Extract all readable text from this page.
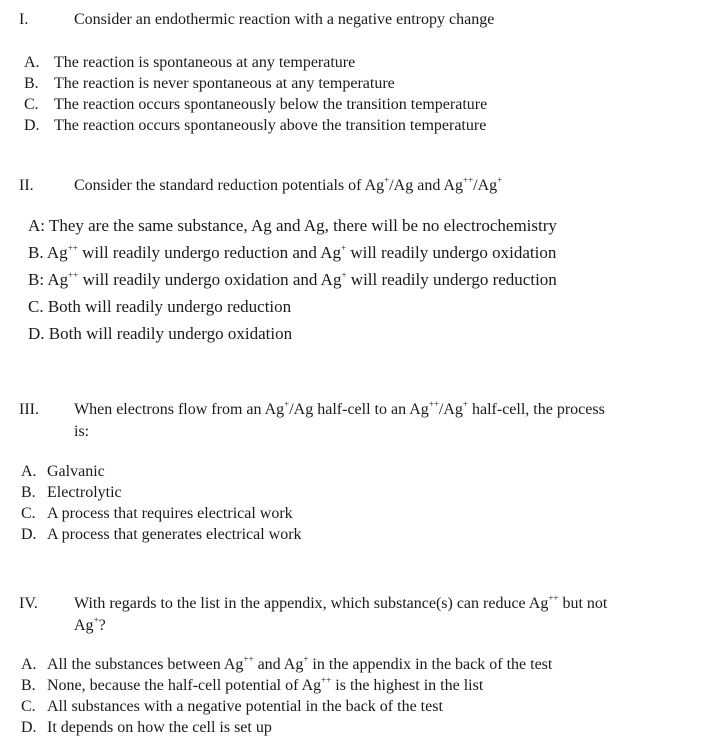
I.	Consider an endothermic reaction with a negative entropy change
A. The reaction is spontaneous at any temperature
B. The reaction is never spontaneous at any temperature
C. The reaction occurs spontaneously below the transition temperature
D. The reaction occurs spontaneously above the transition temperature
II.	Consider the standard reduction potentials of Ag+/Ag and Ag++/Ag+
A: They are the same substance, Ag and Ag, there will be no electrochemistry
B. Ag++ will readily undergo reduction and Ag+ will readily undergo oxidation
B: Ag++ will readily undergo oxidation and Ag+ will readily undergo reduction
C. Both will readily undergo reduction
D. Both will readily undergo oxidation
III. When electrons flow from an Ag+/Ag half-cell to an Ag++/Ag+ half-cell, the process
is:
A. Galvanic
B. Electrolytic
C. A process that requires electrical work
D. A process that generates electrical work
IV. With regards to the list in the appendix, which substance(s) can reduce Ag++ but not
Ag+?
A. All the substances between Ag++ and Ag+ in the appendix in the back of the test
B. None, because the half-cell potential of Ag++ is the highest in the list
C. All substances with a negative potential in the back of the test
D. It depends on how the cell is set up
